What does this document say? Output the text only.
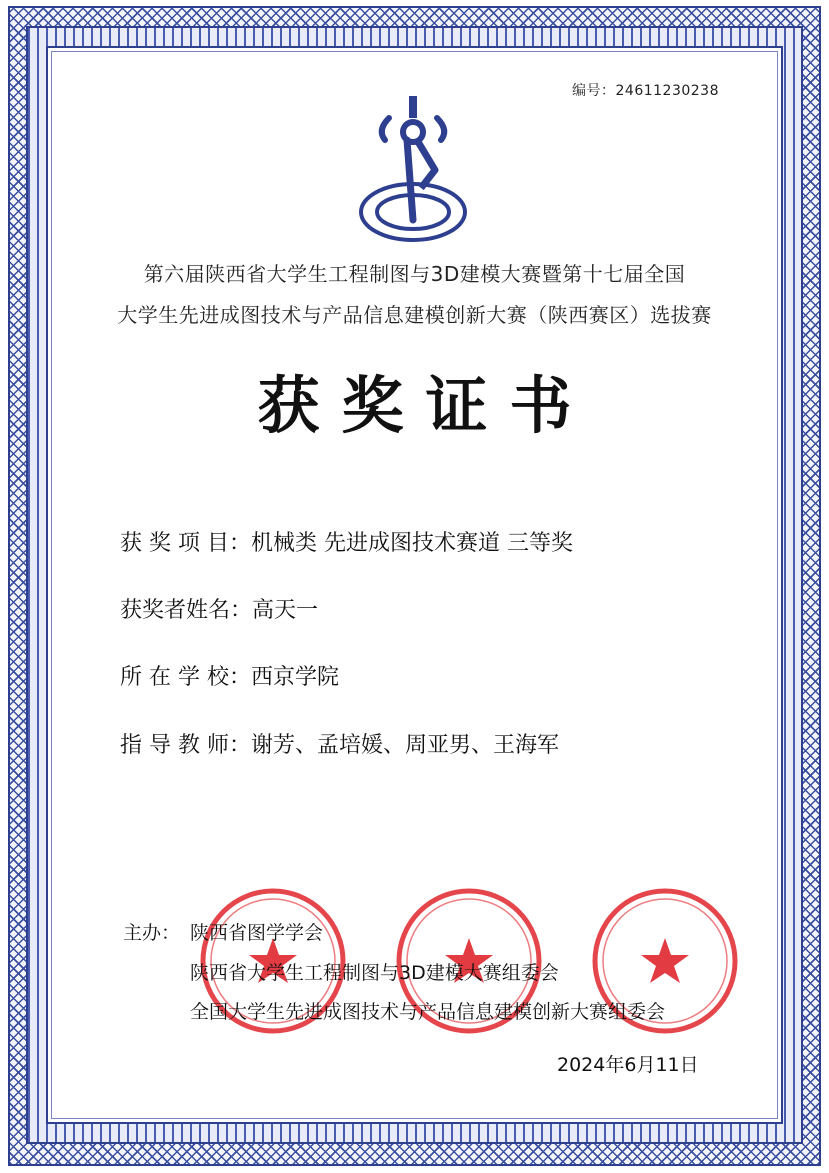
编号：24611230238
第六届陕西省大学生工程制图与3D建模大赛暨第十七届全国
大学生先进成图技术与产品信息建模创新大赛（陕西赛区）选拔赛
获奖证书
获 奖 项 目：机械类 先进成图技术赛道 三等奖
获奖者姓名：高天一
所 在 学 校：西京学院
指 导 教 师：谢芳、孟培媛、周亚男、王海军
主办： 陕西省图学学会
陕西省大学生工程制图与3D建模大赛组委会
全国大学生先进成图技术与产品信息建模创新大赛组委会
2024年6月11日
